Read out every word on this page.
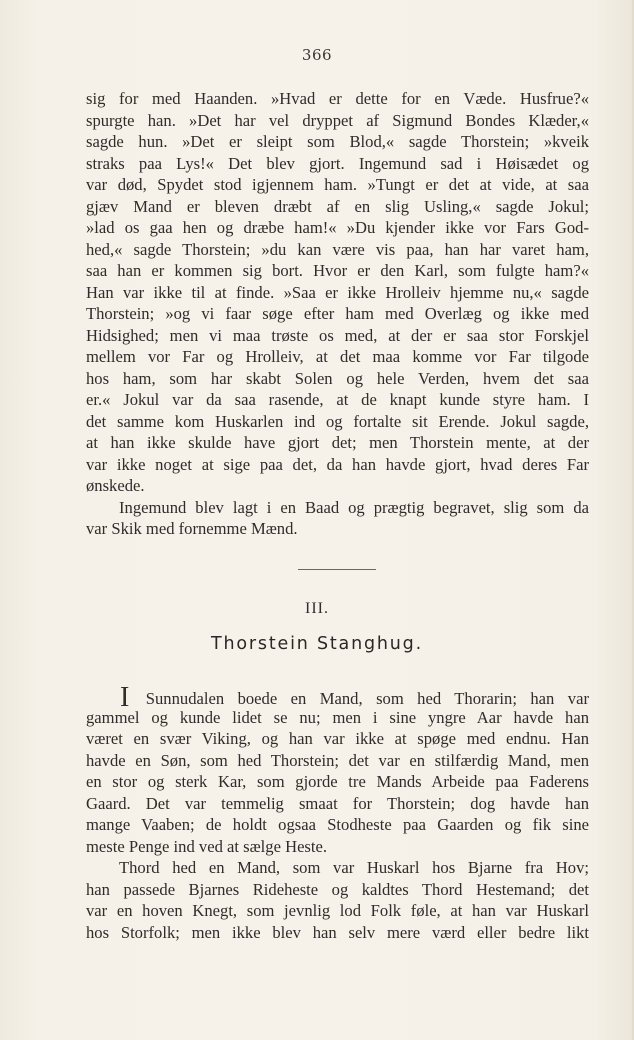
366
sig for med Haanden. »Hvad er dette for en Væde. Husfrue?«
spurgte han. »Det har vel dryppet af Sigmund Bondes Klæder,«
sagde hun. »Det er sleipt som Blod,« sagde Thorstein; »kveik
straks paa Lys!« Det blev gjort. Ingemund sad i Høisædet og
var død, Spydet stod igjennem ham. »Tungt er det at vide, at saa
gjæv Mand er bleven dræbt af en slig Usling,« sagde Jokul;
»lad os gaa hen og dræbe ham!« »Du kjender ikke vor Fars God-
hed,« sagde Thorstein; »du kan være vis paa, han har varet ham,
saa han er kommen sig bort. Hvor er den Karl, som fulgte ham?«
Han var ikke til at finde. »Saa er ikke Hrolleiv hjemme nu,« sagde
Thorstein; »og vi faar søge efter ham med Overlæg og ikke med
Hidsighed; men vi maa trøste os med, at der er saa stor Forskjel
mellem vor Far og Hrolleiv, at det maa komme vor Far tilgode
hos ham, som har skabt Solen og hele Verden, hvem det saa
er.« Jokul var da saa rasende, at de knapt kunde styre ham. I
det samme kom Huskarlen ind og fortalte sit Erende. Jokul sagde,
at han ikke skulde have gjort det; men Thorstein mente, at der
var ikke noget at sige paa det, da han havde gjort, hvad deres Far
ønskede.
Ingemund blev lagt i en Baad og prægtig begravet, slig som da
var Skik med fornemme Mænd.
III.
Thorstein Stanghug.
I Sunnudalen boede en Mand, som hed Thorarin; han var
gammel og kunde lidet se nu; men i sine yngre Aar havde han
været en svær Viking, og han var ikke at spøge med endnu. Han
havde en Søn, som hed Thorstein; det var en stilfærdig Mand, men
en stor og sterk Kar, som gjorde tre Mands Arbeide paa Faderens
Gaard. Det var temmelig smaat for Thorstein; dog havde han
mange Vaaben; de holdt ogsaa Stodheste paa Gaarden og fik sine
meste Penge ind ved at sælge Heste.
Thord hed en Mand, som var Huskarl hos Bjarne fra Hov;
han passede Bjarnes Rideheste og kaldtes Thord Hestemand; det
var en hoven Knegt, som jevnlig lod Folk føle, at han var Huskarl
hos Storfolk; men ikke blev han selv mere værd eller bedre likt
